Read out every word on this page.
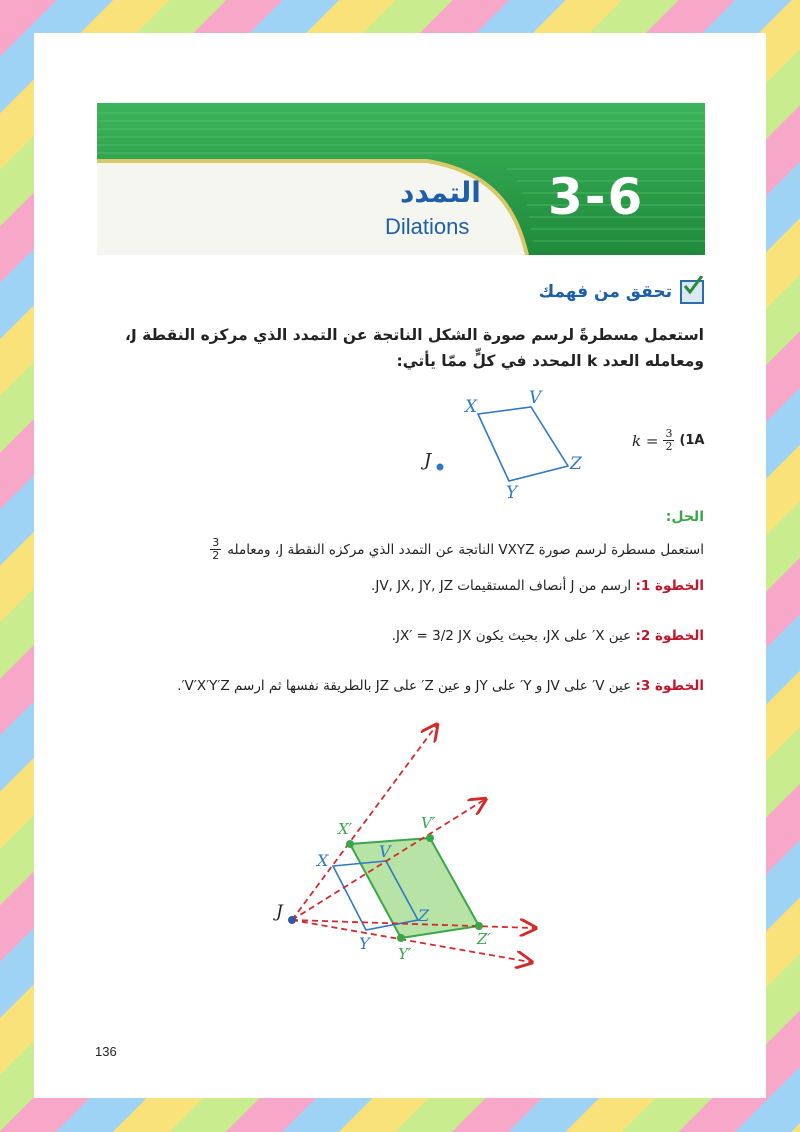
3-6
التمدد
Dilations
تحقق من فهمك
استعمل مسطرةً لرسم صورة الشكل الناتجة عن التمدد الذي مركزه النقطة J، ومعامله العدد k المحدد في كلٍّ ممّا يأتي:
X	V
Z
Y
J
$k = \frac{3}{2} (1A$
الحل:
استعمل مسطرة لرسم صورة VXYZ الناتجة عن التمدد الذي مركزه النقطة J، ومعامله
$\frac{3}{2}$
الخطوة 1: ارسم من J أنصاف المستقيمات JV, JX, JY, JZ.
الخطوة 2: عين X′ على JX، بحيث يكون JX′ = 3/2 JX.
الخطوة 3: عين V′ على JV و Y′ على JY و عين Z′ على JZ بالطريقة نفسها ثم ارسم V′X′Y′Z′.
J
X	V
Z
Y
X′	V′
Z′
Y′
136
